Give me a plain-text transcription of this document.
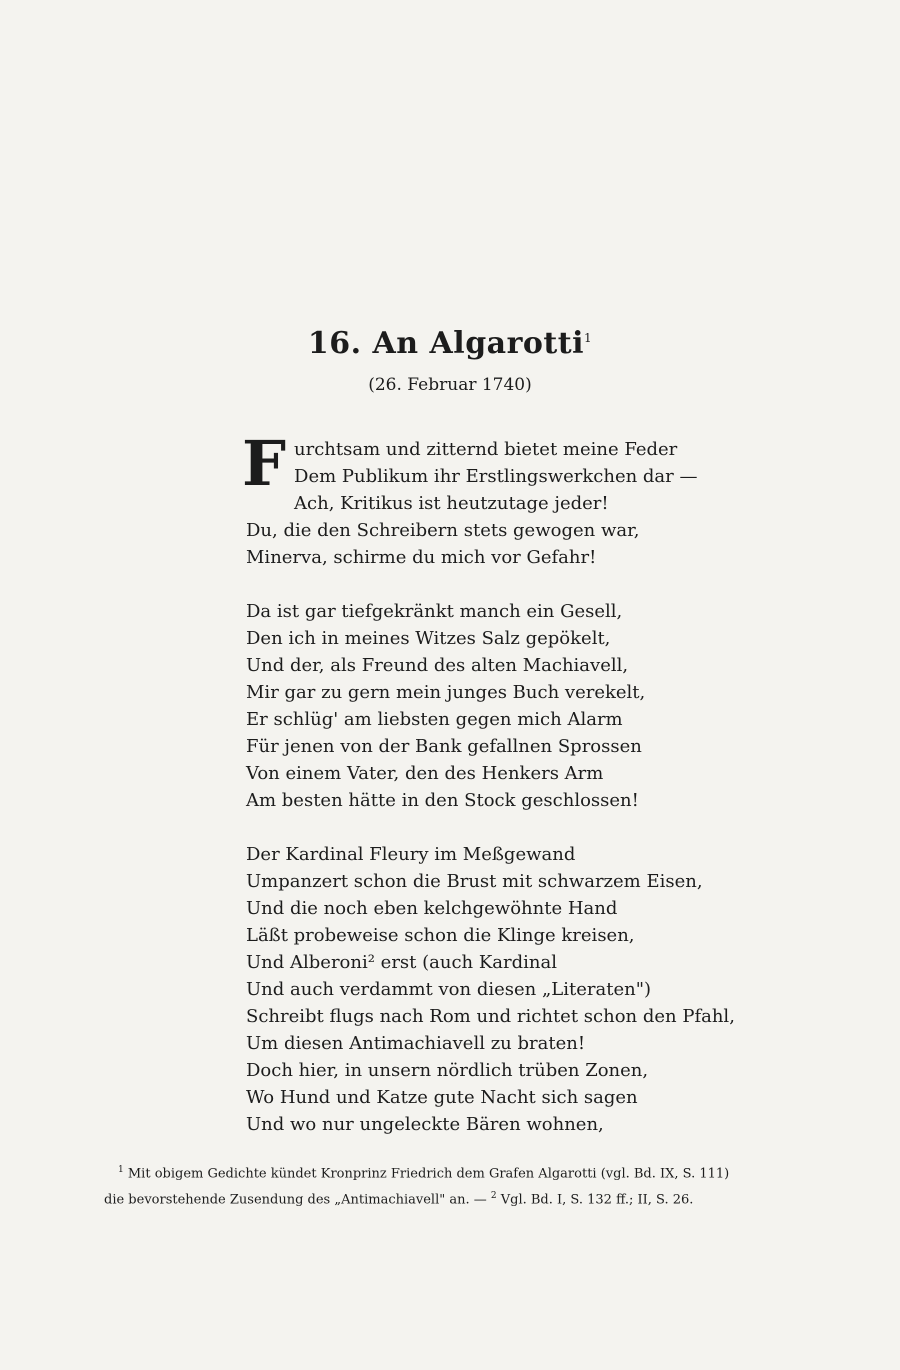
16. An Algarotti$^1$
(26. Februar 1740)
F urchtsam und zitternd bietet meine Feder
Dem Publikum ihr Erstlingswerkchen dar —
Ach, Kritikus ist heutzutage jeder!
Du, die den Schreibern stets gewogen war,
Minerva, schirme du mich vor Gefahr!
Da ist gar tiefgekränkt manch ein Gesell,
Den ich in meines Witzes Salz gepökelt,
Und der, als Freund des alten Machiavell,
Mir gar zu gern mein junges Buch verekelt,
Er schlüg' am liebsten gegen mich Alarm
Für jenen von der Bank gefallnen Sprossen
Von einem Vater, den des Henkers Arm
Am besten hätte in den Stock geschlossen!
Der Kardinal Fleury im Meßgewand
Umpanzert schon die Brust mit schwarzem Eisen,
Und die noch eben kelchgewöhnte Hand
Läßt probeweise schon die Klinge kreisen,
Und Alberoni² erst (auch Kardinal
Und auch verdammt von diesen „Literaten")
Schreibt flugs nach Rom und richtet schon den Pfahl,
Um diesen Antimachiavell zu braten!
Doch hier, in unsern nördlich trüben Zonen,
Wo Hund und Katze gute Nacht sich sagen
Und wo nur ungeleckte Bären wohnen,
$^1$ Mit obigem Gedichte kündet Kronprinz Friedrich dem Grafen Algarotti (vgl. Bd. IX, S. 111)
die bevorstehende Zusendung des „Antimachiavell" an. — $^2$ Vgl. Bd. I, S. 132 ff.; II, S. 26.
